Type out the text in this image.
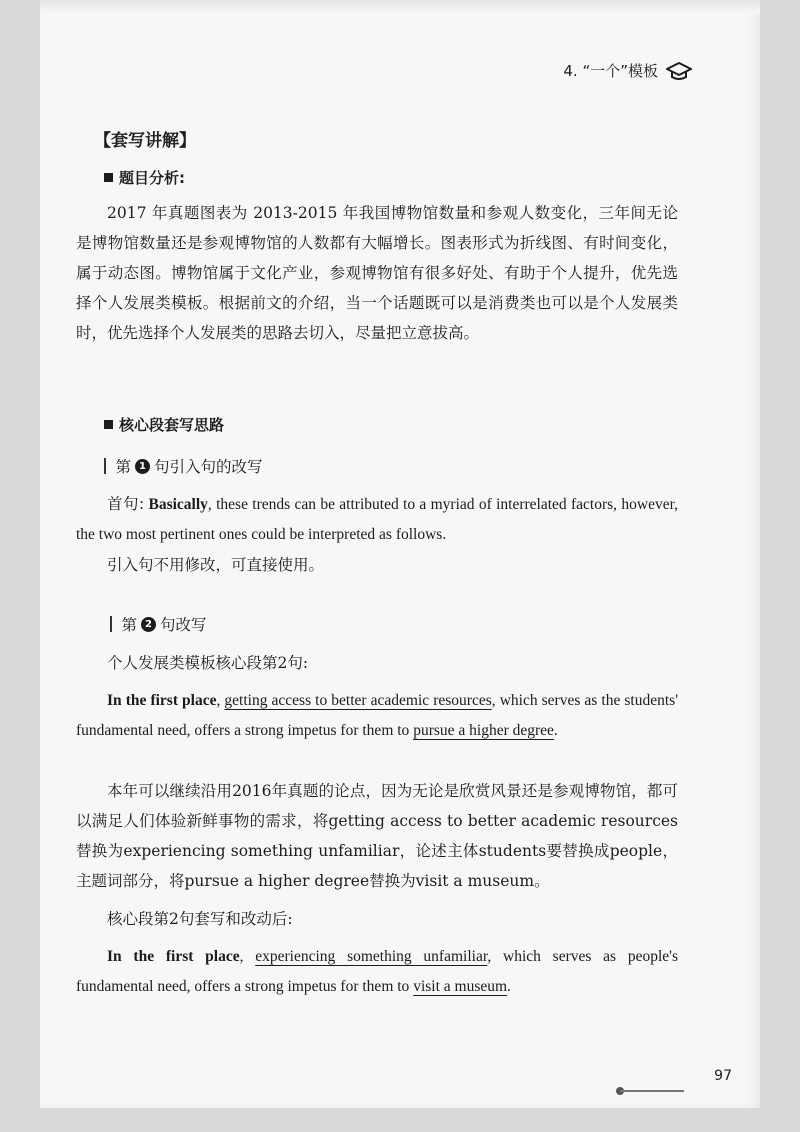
4. “一个”模板
【套写讲解】
题目分析:
2017 年真题图表为 2013-2015 年我国博物馆数量和参观人数变化，三年间无论是博物馆数量还是参观博物馆的人数都有大幅增长。图表形式为折线图、有时间变化，属于动态图。博物馆属于文化产业，参观博物馆有很多好处、有助于个人提升，优先选择个人发展类模板。根据前文的介绍，当一个话题既可以是消费类也可以是个人发展类时，优先选择个人发展类的思路去切入，尽量把立意拔高。
核心段套写思路
第 1 句引入句的改写
首句: Basically, these trends can be attributed to a myriad of interrelated factors, however, the two most pertinent ones could be interpreted as follows.
引入句不用修改，可直接使用。
第 2 句改写
个人发展类模板核心段第2句:
In the first place, getting access to better academic resources, which serves as the students' fundamental need, offers a strong impetus for them to pursue a higher degree.
本年可以继续沿用2016年真题的论点，因为无论是欣赏风景还是参观博物馆，都可以满足人们体验新鲜事物的需求，将getting access to better academic resources替换为experiencing something unfamiliar，论述主体students要替换成people，主题词部分，将pursue a higher degree替换为visit a museum。
核心段第2句套写和改动后:
In the first place, experiencing something unfamiliar, which serves as people's fundamental need, offers a strong impetus for them to visit a museum.
97
